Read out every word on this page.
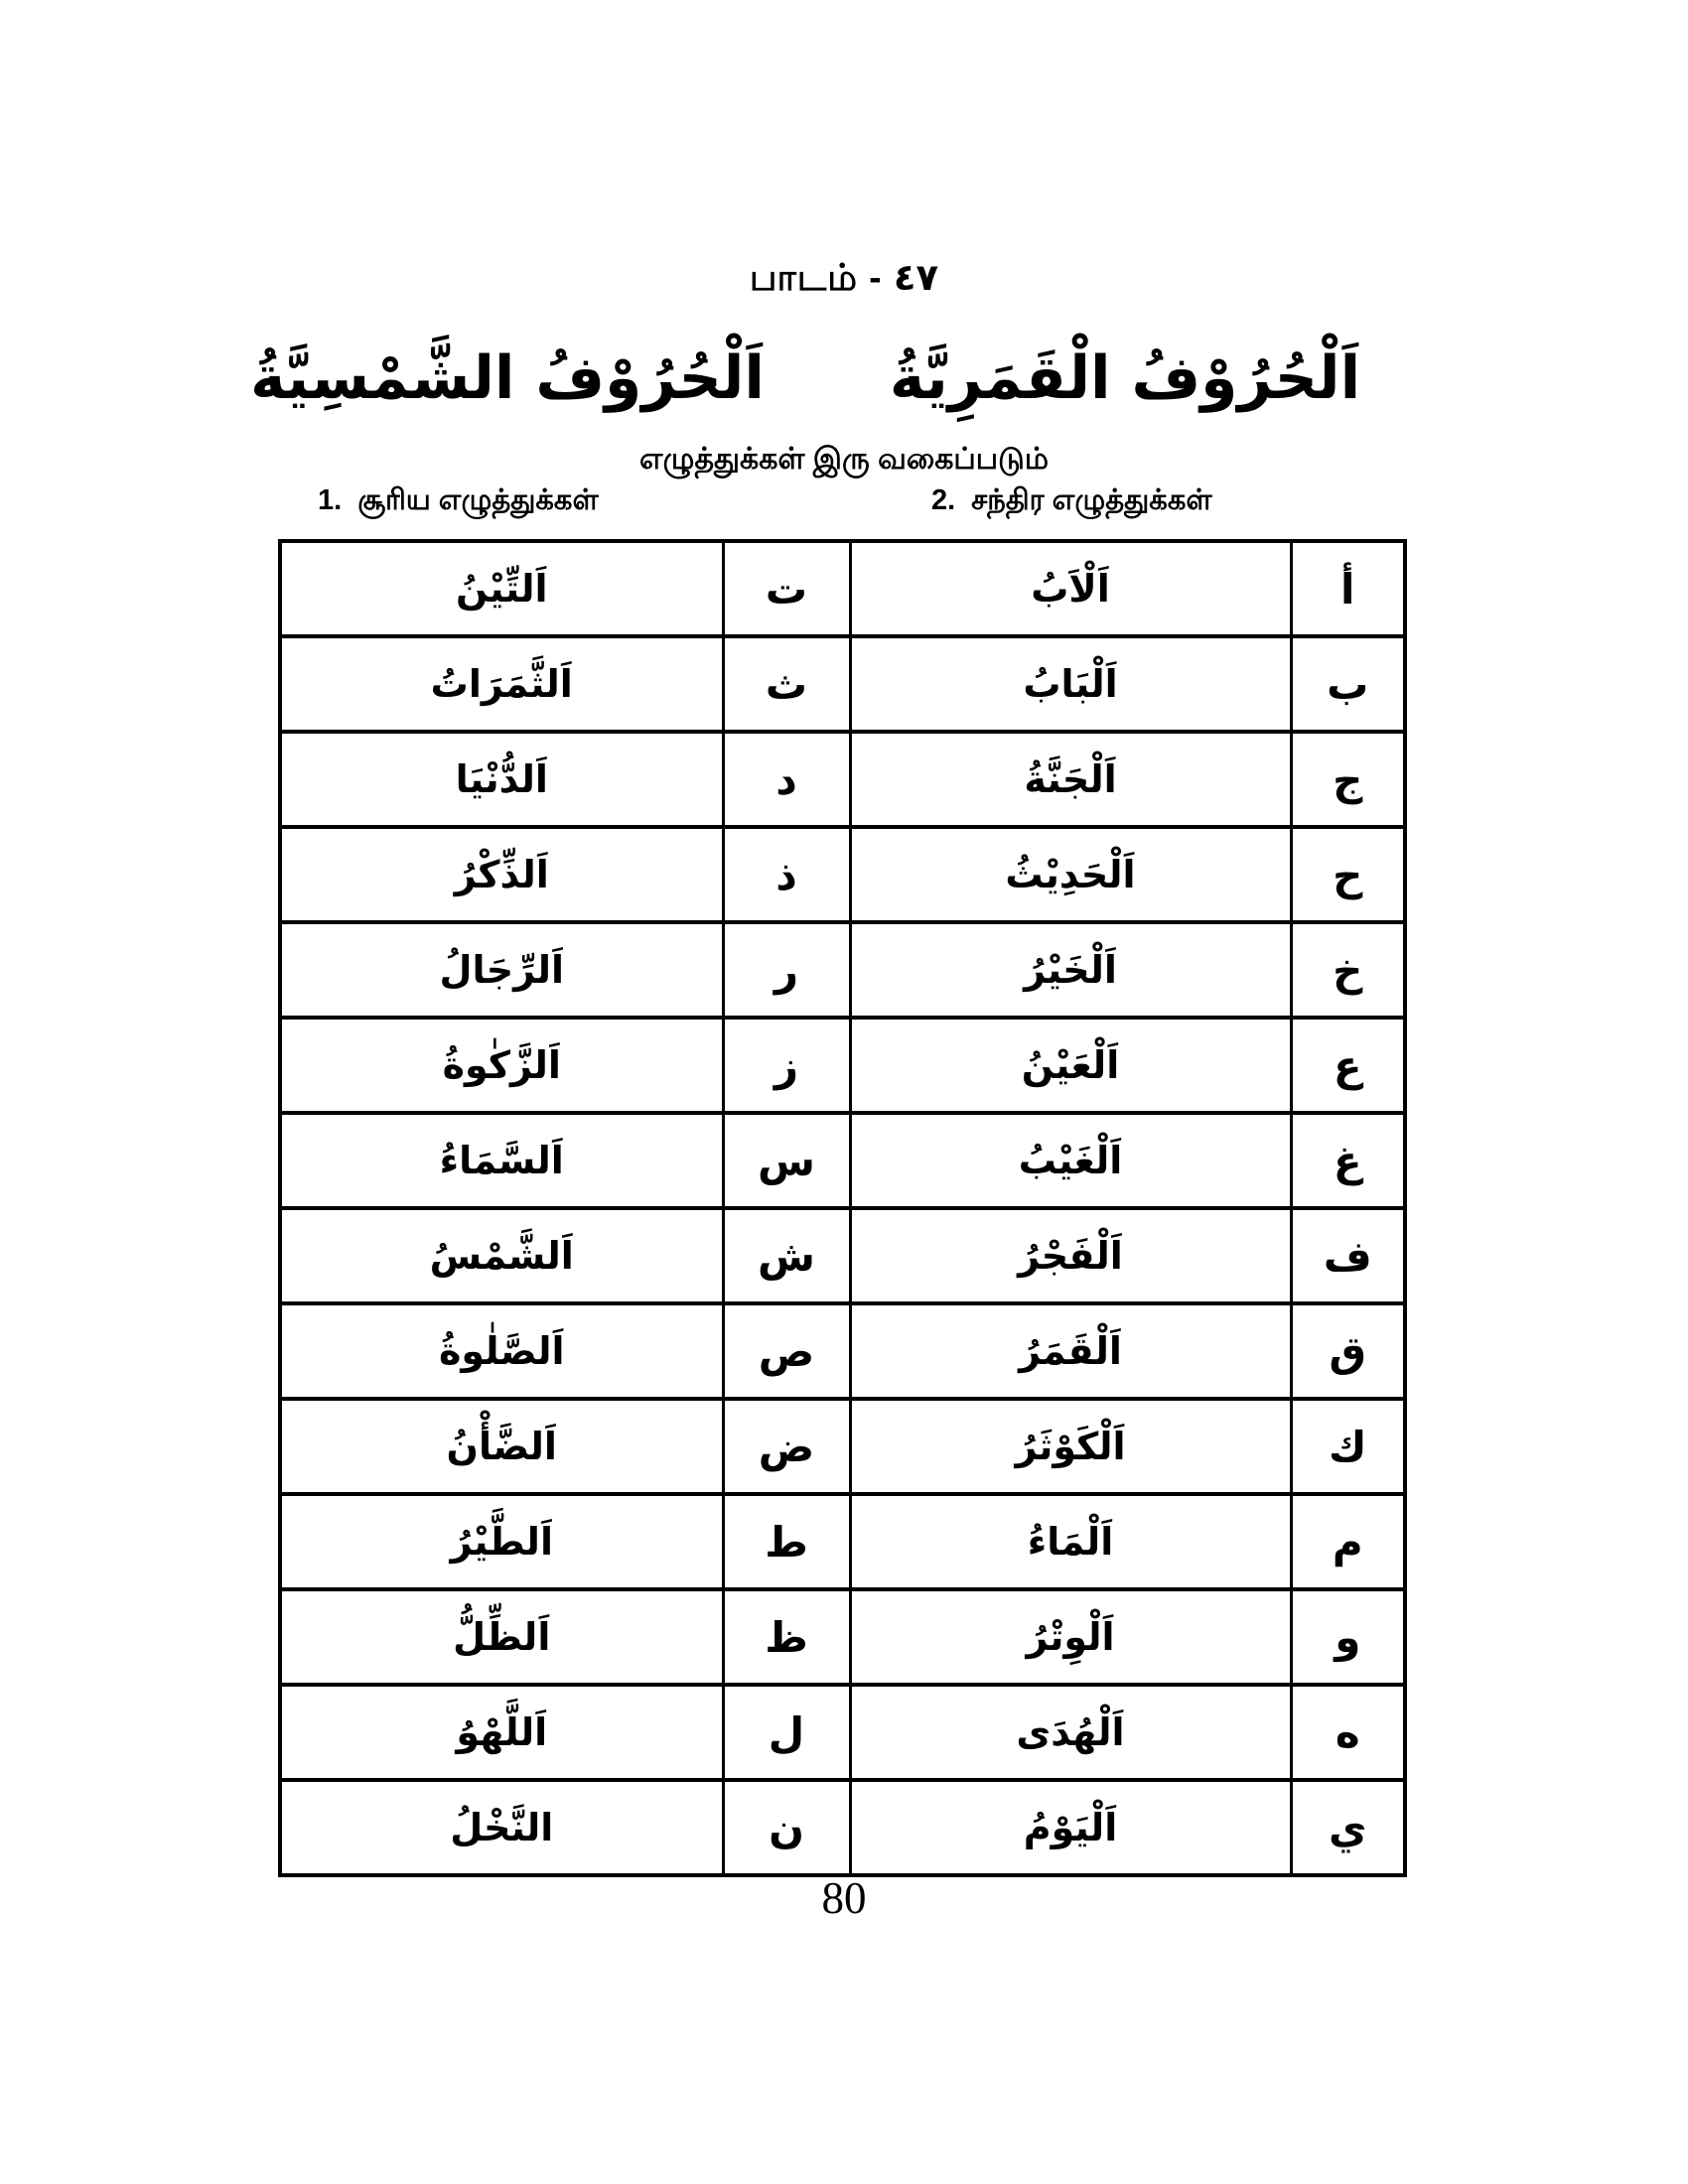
பாடம் - ٤٧
اَلْحُرُوْفُ الْقَمَرِيَّةُ
اَلْحُرُوْفُ الشَّمْسِيَّةُ
எழுத்துக்கள் இரு வகைப்படும்
1. சூரிய எழுத்துக்கள்	2. சந்திர எழுத்துக்கள்
اَلتِّيْنُ	ت	اَلْاَبُ	أ
اَلثَّمَرَاتُ	ث	اَلْبَابُ	ب
اَلدُّنْيَا	د	اَلْجَنَّةُ	ج
اَلذِّكْرُ	ذ	اَلْحَدِيْثُ	ح
اَلرِّجَالُ	ر	اَلْخَيْرُ	خ
اَلزَّكٰوةُ	ز	اَلْعَيْنُ	ع
اَلسَّمَاءُ	س	اَلْغَيْبُ	غ
اَلشَّمْسُ	ش	اَلْفَجْرُ	ف
اَلصَّلٰوةُ	ص	اَلْقَمَرُ	ق
اَلضَّأْنُ	ض	اَلْكَوْثَرُ	ك
اَلطَّيْرُ	ط	اَلْمَاءُ	م
اَلظِّلُّ	ظ	اَلْوِتْرُ	و
اَللَّهْوُ	ل	اَلْهُدَى	ه
النَّخْلُ	ن	اَلْيَوْمُ	ي
80
